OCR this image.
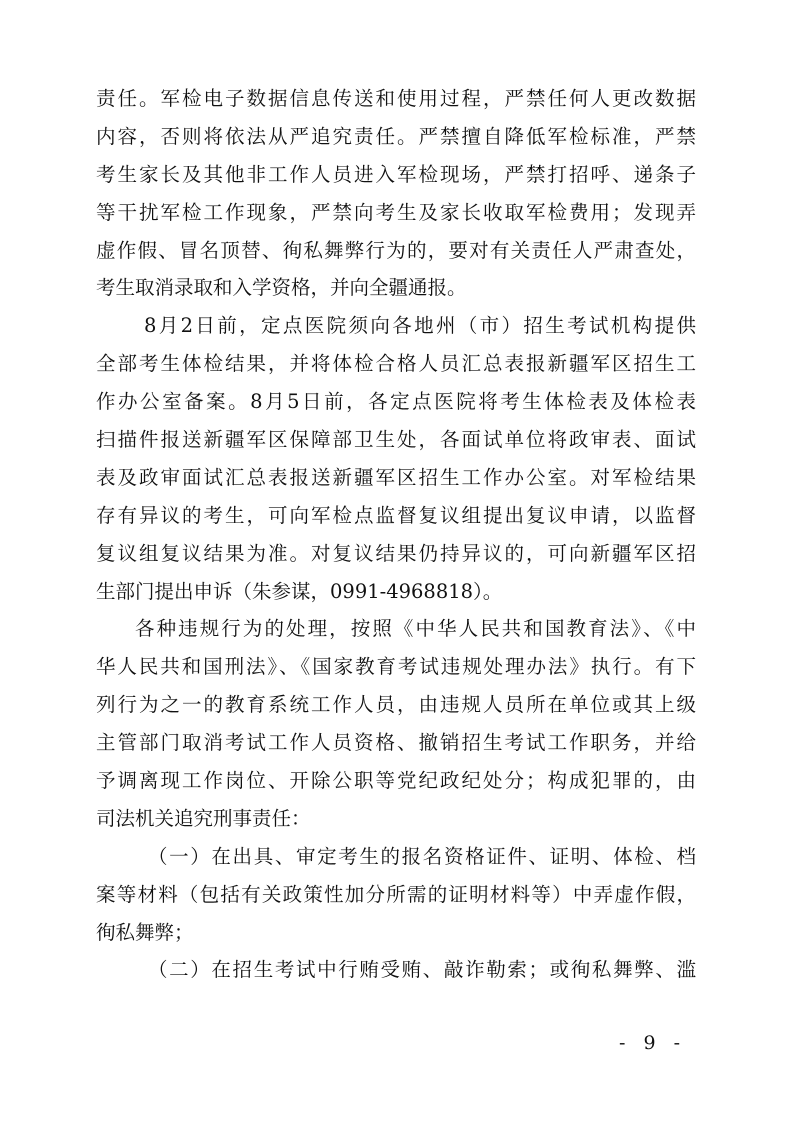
责任。军检电子数据信息传送和使用过程，严禁任何人更改数据
内容，否则将依法从严追究责任。严禁擅自降低军检标准，严禁
考生家长及其他非工作人员进入军检现场，严禁打招呼、递条子
等干扰军检工作现象，严禁向考生及家长收取军检费用；发现弄
虚作假、冒名顶替、徇私舞弊行为的，要对有关责任人严肃查处，
考生取消录取和入学资格，并向全疆通报。
8月2日前，定点医院须向各地州（市）招生考试机构提供
全部考生体检结果，并将体检合格人员汇总表报新疆军区招生工
作办公室备案。8月5日前，各定点医院将考生体检表及体检表
扫描件报送新疆军区保障部卫生处，各面试单位将政审表、面试
表及政审面试汇总表报送新疆军区招生工作办公室。对军检结果
存有异议的考生，可向军检点监督复议组提出复议申请，以监督
复议组复议结果为准。对复议结果仍持异议的，可向新疆军区招
生部门提出申诉（朱参谋，0991-4968818）。
各种违规行为的处理，按照《中华人民共和国教育法》、《中
华人民共和国刑法》、《国家教育考试违规处理办法》执行。有下
列行为之一的教育系统工作人员，由违规人员所在单位或其上级
主管部门取消考试工作人员资格、撤销招生考试工作职务，并给
予调离现工作岗位、开除公职等党纪政纪处分；构成犯罪的，由
司法机关追究刑事责任：
（一）在出具、审定考生的报名资格证件、证明、体检、档
案等材料（包括有关政策性加分所需的证明材料等）中弄虚作假，
徇私舞弊；
（二）在招生考试中行贿受贿、敲诈勒索；或徇私舞弊、滥
- 9 -
